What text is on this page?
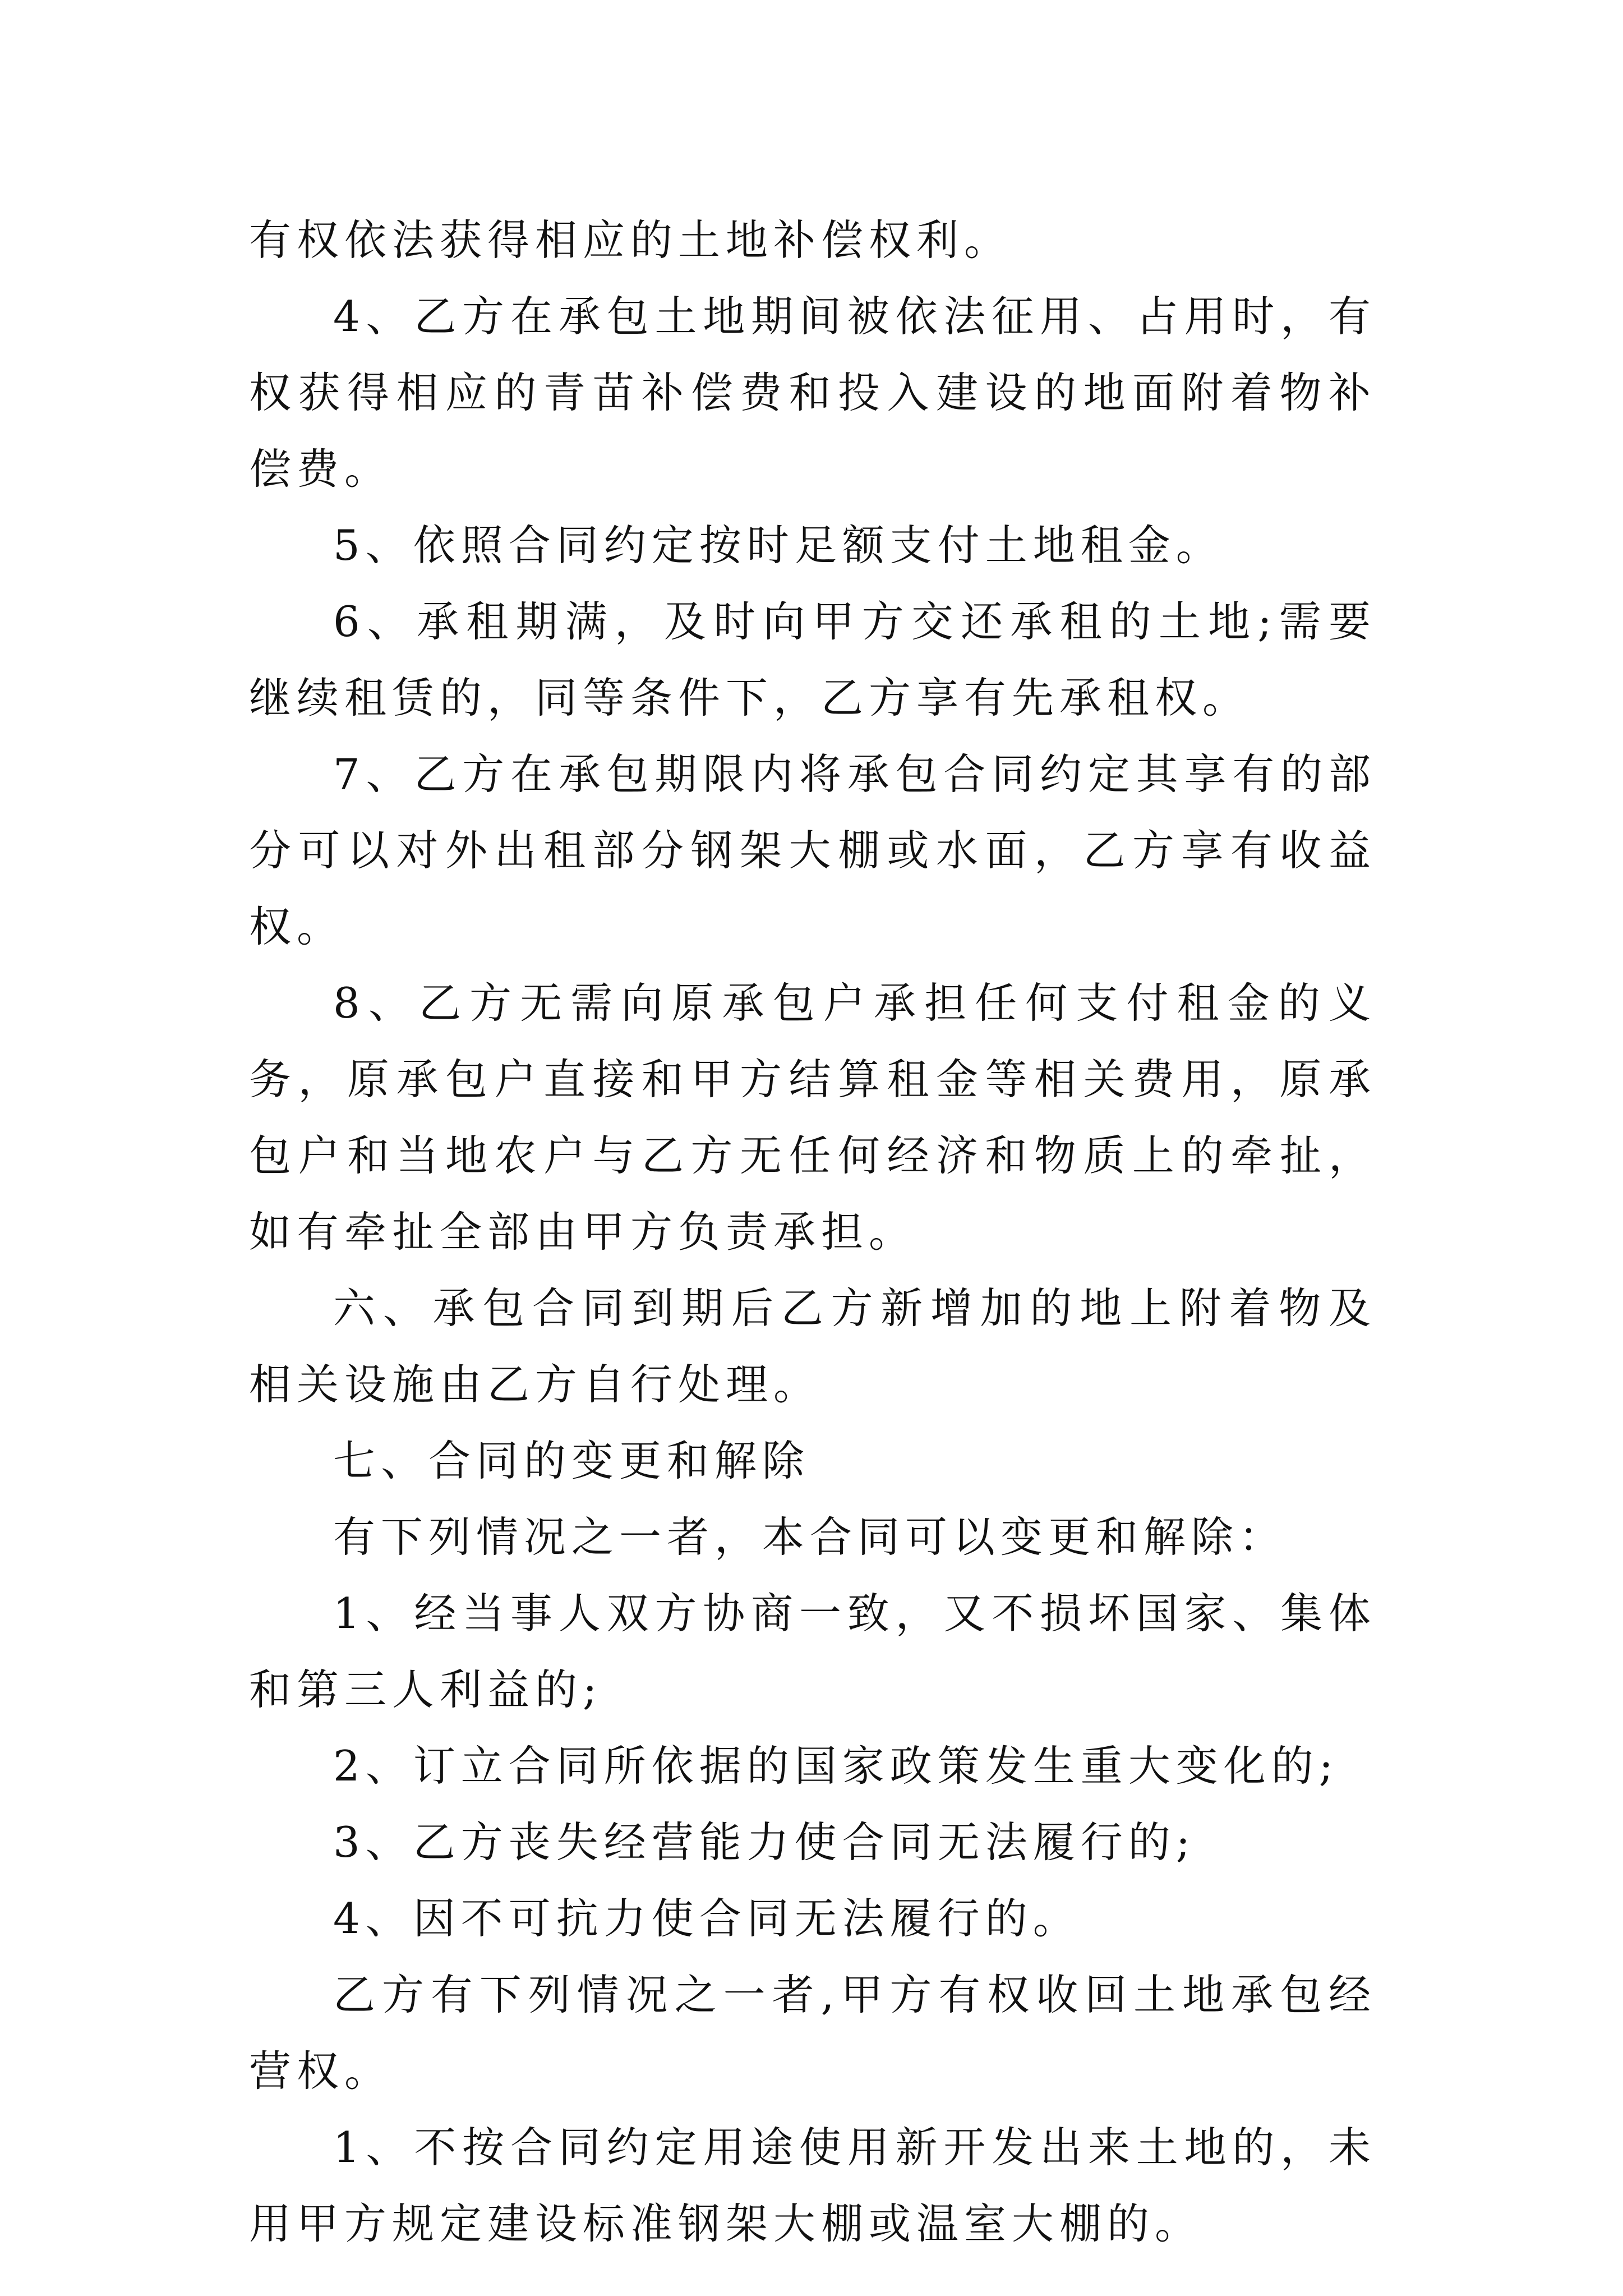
有权依法获得相应的土地补偿权利。

4、乙方在承包土地期间被依法征用、占用时，有权获得相应的青苗补偿费和投入建设的地面附着物补偿费。

5、依照合同约定按时足额支付土地租金。

6、承租期满，及时向甲方交还承租的土地;需要继续租赁的，同等条件下，乙方享有先承租权。

7、乙方在承包期限内将承包合同约定其享有的部分可以对外出租部分钢架大棚或水面，乙方享有收益权。

8、乙方无需向原承包户承担任何支付租金的义务，原承包户直接和甲方结算租金等相关费用，原承包户和当地农户与乙方无任何经济和物质上的牵扯，如有牵扯全部由甲方负责承担。

六、承包合同到期后乙方新增加的地上附着物及相关设施由乙方自行处理。

七、合同的变更和解除

有下列情况之一者，本合同可以变更和解除：

1、经当事人双方协商一致，又不损坏国家、集体和第三人利益的;

2、订立合同所依据的国家政策发生重大变化的;

3、乙方丧失经营能力使合同无法履行的;

4、因不可抗力使合同无法履行的。

乙方有下列情况之一者,甲方有权收回土地承包经营权。

1、不按合同约定用途使用新开发出来土地的，未用甲方规定建设标准钢架大棚或温室大棚的。
